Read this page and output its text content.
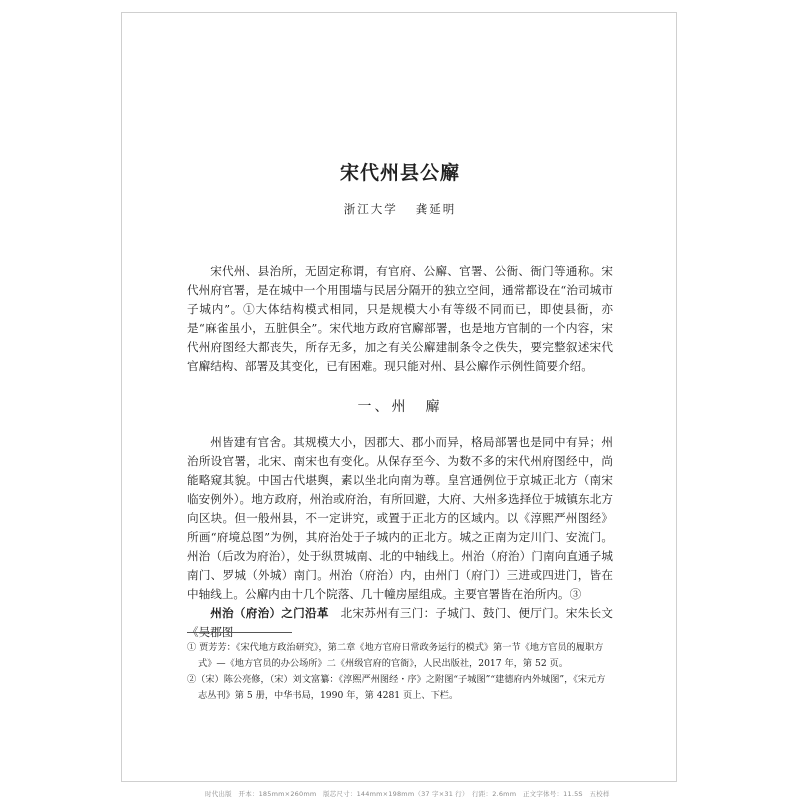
宋代州县公廨
浙江大学 龚延明

宋代州、县治所，无固定称谓，有官府、公廨、官署、公衙、衙门等通称。宋代州府官署，是在城中一个用围墙与民居分隔开的独立空间，通常都设在“治司城市子城内”。①大体结构模式相同，只是规模大小有等级不同而已，即使县衙，亦是“麻雀虽小，五脏俱全”。宋代地方政府官廨部署，也是地方官制的一个内容，宋代州府图经大都丧失，所存无多，加之有关公廨建制条令之佚失，要完整叙述宋代官廨结构、部署及其变化，已有困难。现只能对州、县公廨作示例性简要介绍。

一、州　廨

州皆建有官舍。其规模大小，因郡大、郡小而异，格局部署也是同中有异；州治所设官署，北宋、南宋也有变化。从保存至今、为数不多的宋代州府图经中，尚能略窥其貌。中国古代堪舆，素以坐北向南为尊。皇宫通例位于京城正北方（南宋临安例外）。地方政府，州治或府治，有所回避，大府、大州多选择位于城镇东北方向区块。但一般州县，不一定讲究，或置于正北方的区域内。以《淳熙严州图经》所画“府境总图”为例，其府治处于子城内的正北方。城之正南为定川门、安流门。州治（后改为府治），处于纵贯城南、北的中轴线上。州治（府治）门南向直通子城南门、罗城（外城）南门。州治（府治）内，由州门（府门）三进或四进门，皆在中轴线上。公廨内由十几个院落、几十幢房屋组成。主要官署皆在治所内。③

州治（府治）之门沿革　 北宋苏州有三门：子城门、鼓门、便厅门。宋朱长文《吴郡图

① 贾芳芳：《宋代地方政治研究》，第二章《地方官府日常政务运行的模式》第一节《地方官员的履职方式》—《地方官员的办公场所》二《州级官府的官衙》，人民出版社，2017 年，第 52 页。

②（宋）陈公亮修，（宋）刘文富纂：《淳熙严州图经・序》之附图“子城图”“建德府内外城图”，《宋元方志丛刊》第 5 册，中华书局，1990 年，第 4281 页上、下栏。

时代出版　开本：185mm×260mm　版芯尺寸：144mm×198mm（37 字×31 行）　行距：2.6mm　正文字体号：11.5S　五校样
